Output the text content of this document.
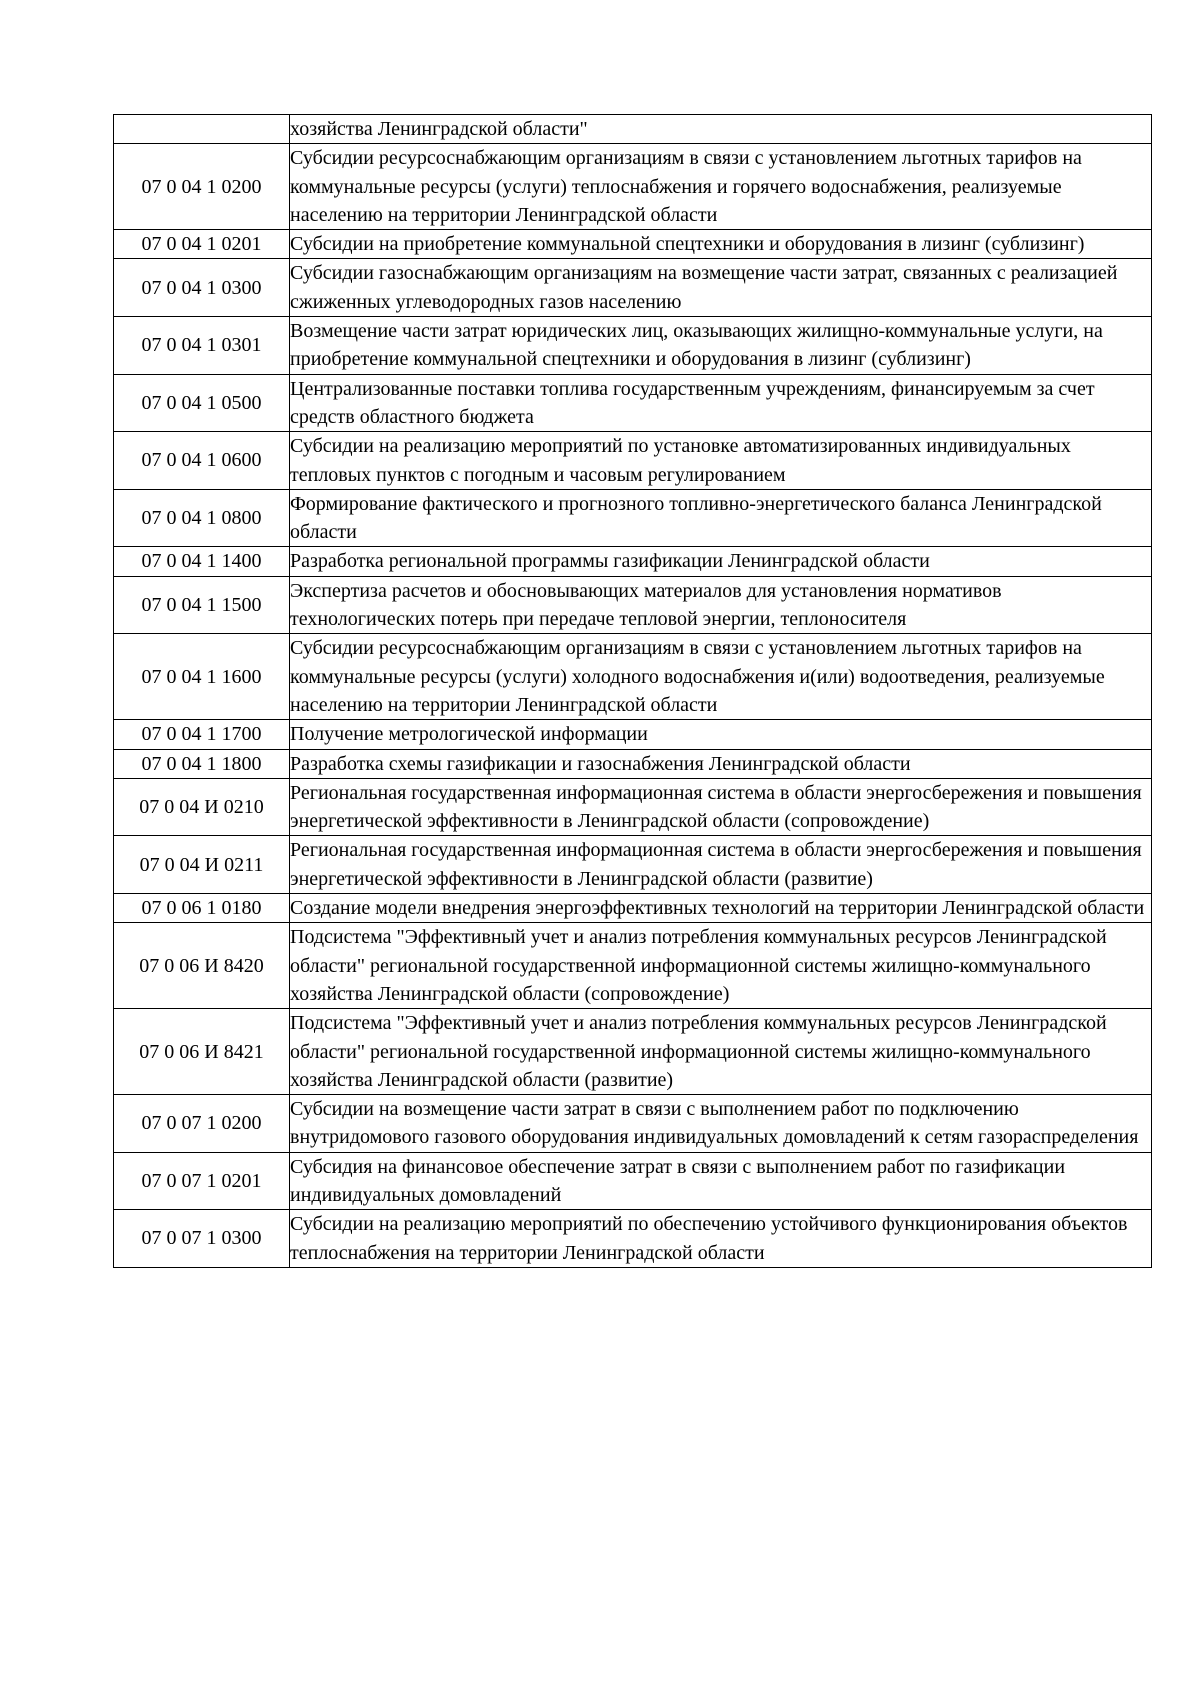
	хозяйства Ленинградской области"
07 0 04 1 0200	Субсидии ресурсоснабжающим организациям в связи с установлением льготных тарифов на коммунальные ресурсы (услуги) теплоснабжения и горячего водоснабжения, реализуемые населению на территории Ленинградской области
07 0 04 1 0201	Субсидии на приобретение коммунальной спецтехники и оборудования в лизинг (сублизинг)
07 0 04 1 0300	Субсидии газоснабжающим организациям на возмещение части затрат, связанных с реализацией сжиженных углеводородных газов населению
07 0 04 1 0301	Возмещение части затрат юридических лиц, оказывающих жилищно-коммунальные услуги, на приобретение коммунальной спецтехники и оборудования в лизинг (сублизинг)
07 0 04 1 0500	Централизованные поставки топлива государственным учреждениям, финансируемым за счет средств областного бюджета
07 0 04 1 0600	Субсидии на реализацию мероприятий по установке автоматизированных индивидуальных тепловых пунктов с погодным и часовым регулированием
07 0 04 1 0800	Формирование фактического и прогнозного топливно-энергетического баланса Ленинградской области
07 0 04 1 1400	Разработка региональной программы газификации Ленинградской области
07 0 04 1 1500	Экспертиза расчетов и обосновывающих материалов для установления нормативов технологических потерь при передаче тепловой энергии, теплоносителя
07 0 04 1 1600	Субсидии ресурсоснабжающим организациям в связи с установлением льготных тарифов на коммунальные ресурсы (услуги) холодного водоснабжения и(или) водоотведения, реализуемые населению на территории Ленинградской области
07 0 04 1 1700	Получение метрологической информации
07 0 04 1 1800	Разработка схемы газификации и газоснабжения Ленинградской области
07 0 04 И 0210	Региональная государственная информационная система в области энергосбережения и повышения энергетической эффективности в Ленинградской области (сопровождение)
07 0 04 И 0211	Региональная государственная информационная система в области энергосбережения и повышения энергетической эффективности в Ленинградской области (развитие)
07 0 06 1 0180	Создание модели внедрения энергоэффективных технологий на территории Ленинградской области
07 0 06 И 8420	Подсистема "Эффективный учет и анализ потребления коммунальных ресурсов Ленинградской области" региональной государственной информационной системы жилищно-коммунального хозяйства Ленинградской области (сопровождение)
07 0 06 И 8421	Подсистема "Эффективный учет и анализ потребления коммунальных ресурсов Ленинградской области" региональной государственной информационной системы жилищно-коммунального хозяйства Ленинградской области (развитие)
07 0 07 1 0200	Субсидии на возмещение части затрат в связи с выполнением работ по подключению внутридомового газового оборудования индивидуальных домовладений к сетям газораспределения
07 0 07 1 0201	Субсидия на финансовое обеспечение затрат в связи с выполнением работ по газификации индивидуальных домовладений
07 0 07 1 0300	Субсидии на реализацию мероприятий по обеспечению устойчивого функционирования объектов теплоснабжения на территории Ленинградской области
